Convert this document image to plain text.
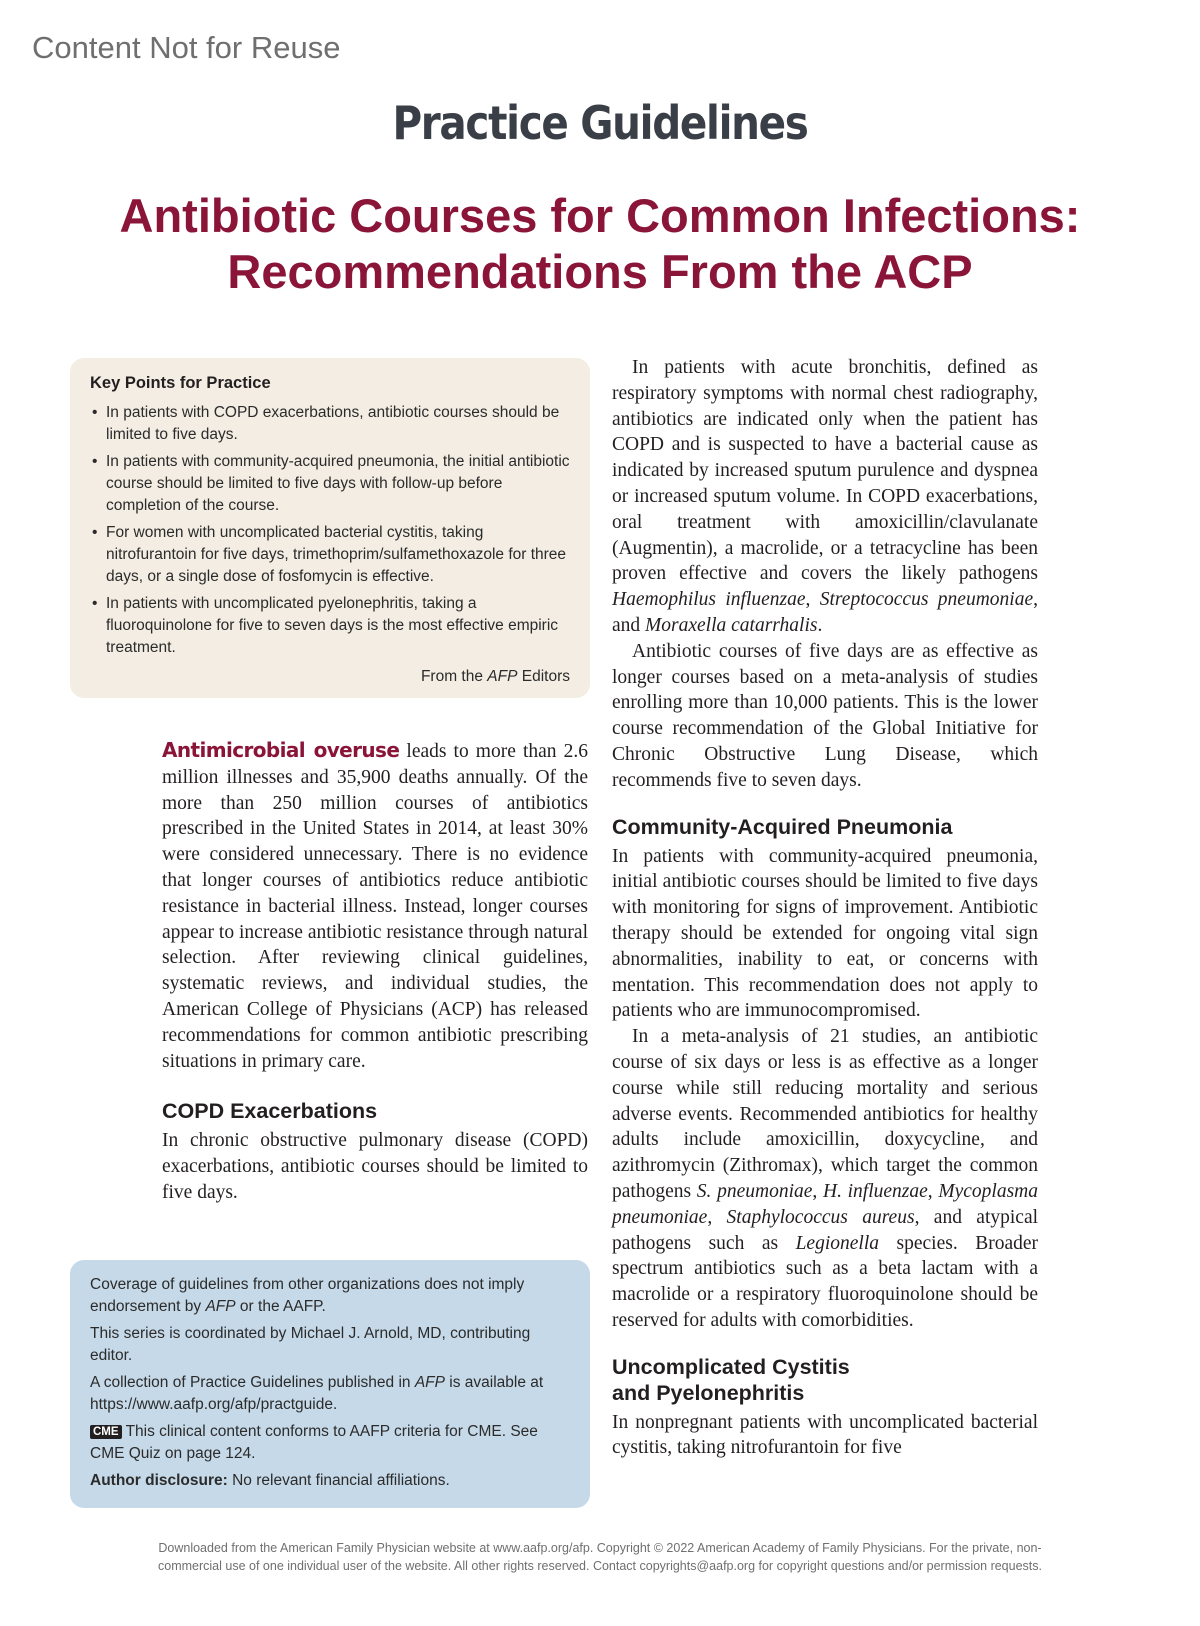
Content Not for Reuse
Practice Guidelines
Antibiotic Courses for Common Infections:
Recommendations From the ACP
Key Points for Practice
• In patients with COPD exacerbations, antibiotic courses should be limited to five days.
• In patients with community-acquired pneumonia, the initial antibiotic course should be limited to five days with follow-up before completion of the course.
• For women with uncomplicated bacterial cystitis, taking nitrofurantoin for five days, trimethoprim/sulfamethoxazole for three days, or a single dose of fosfomycin is effective.
• In patients with uncomplicated pyelonephritis, taking a fluoroquinolone for five to seven days is the most effective empiric treatment.
From the AFP Editors

Antimicrobial overuse leads to more than 2.6 million illnesses and 35,900 deaths annually. Of the more than 250 million courses of antibiotics prescribed in the United States in 2014, at least 30% were considered unnecessary. There is no evidence that longer courses of antibiotics reduce antibiotic resistance in bacterial illness. Instead, longer courses appear to increase antibiotic resistance through natural selection. After reviewing clinical guidelines, systematic reviews, and individual studies, the American College of Physicians (ACP) has released recommendations for common antibiotic prescribing situations in primary care.

COPD Exacerbations

In chronic obstructive pulmonary disease (COPD) exacerbations, antibiotic courses should be limited to five days.

Coverage of guidelines from other organizations does not imply endorsement by AFP or the AAFP.

This series is coordinated by Michael J. Arnold, MD, contributing editor.

A collection of Practice Guidelines published in AFP is available at https://www.aafp.org/afp/practguide.

CME This clinical content conforms to AAFP criteria for CME. See CME Quiz on page 124.

Author disclosure: No relevant financial affiliations.

In patients with acute bronchitis, defined as respiratory symptoms with normal chest radiography, antibiotics are indicated only when the patient has COPD and is suspected to have a bacterial cause as indicated by increased sputum purulence and dyspnea or increased sputum volume. In COPD exacerbations, oral treatment with amoxicillin/clavulanate (Augmentin), a macrolide, or a tetracycline has been proven effective and covers the likely pathogens Haemophilus influenzae, Streptococcus pneumoniae, and Moraxella catarrhalis.

Antibiotic courses of five days are as effective as longer courses based on a meta-analysis of studies enrolling more than 10,000 patients. This is the lower course recommendation of the Global Initiative for Chronic Obstructive Lung Disease, which recommends five to seven days.

Community-Acquired Pneumonia

In patients with community-acquired pneumonia, initial antibiotic courses should be limited to five days with monitoring for signs of improvement. Antibiotic therapy should be extended for ongoing vital sign abnormalities, inability to eat, or concerns with mentation. This recommendation does not apply to patients who are immunocompromised.

In a meta-analysis of 21 studies, an antibiotic course of six days or less is as effective as a longer course while still reducing mortality and serious adverse events. Recommended antibiotics for healthy adults include amoxicillin, doxycycline, and azithromycin (Zithromax), which target the common pathogens S. pneumoniae, H. influenzae, Mycoplasma pneumoniae, Staphylococcus aureus, and atypical pathogens such as Legionella species. Broader spectrum antibiotics such as a beta lactam with a macrolide or a respiratory fluoroquinolone should be reserved for adults with comorbidities.

Uncomplicated Cystitis
and Pyelonephritis

In nonpregnant patients with uncomplicated bacterial cystitis, taking nitrofurantoin for five

Downloaded from the American Family Physician website at www.aafp.org/afp. Copyright © 2022 American Academy of Family Physicians. For the private, non-
commercial use of one individual user of the website. All other rights reserved. Contact copyrights@aafp.org for copyright questions and/or permission requests.
